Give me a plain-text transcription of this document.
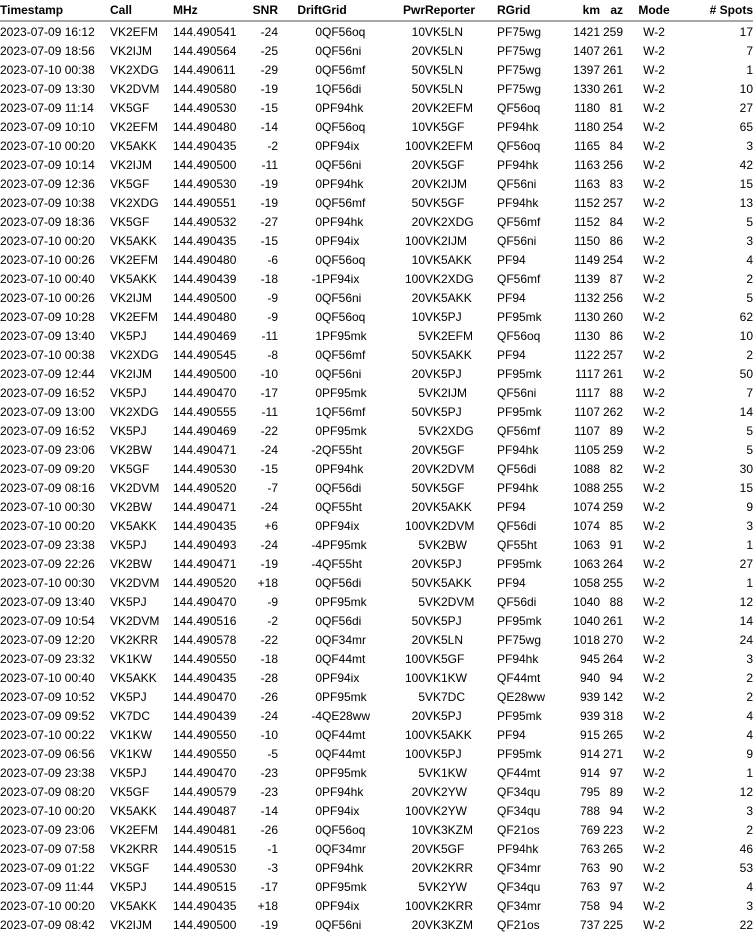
Timestamp	Call	MHz	SNR	Drift	Grid	Pwr	Reporter	RGrid	km	az	Mode	# Spots
2023-07-09 16:12	VK2EFM	144.490541	-24	0	QF56oq	10	VK5LN	PF75wg	1421	259	W-2	17
2023-07-09 18:56	VK2IJM	144.490564	-25	0	QF56ni	20	VK5LN	PF75wg	1407	261	W-2	7
2023-07-10 00:38	VK2XDG	144.490611	-29	0	QF56mf	50	VK5LN	PF75wg	1397	261	W-2	1
2023-07-09 13:30	VK2DVM	144.490580	-19	1	QF56di	50	VK5LN	PF75wg	1330	261	W-2	10
2023-07-09 11:14	VK5GF	144.490530	-15	0	PF94hk	20	VK2EFM	QF56oq	1180	81	W-2	27
2023-07-09 10:10	VK2EFM	144.490480	-14	0	QF56oq	10	VK5GF	PF94hk	1180	254	W-2	65
2023-07-10 00:20	VK5AKK	144.490435	-2	0	PF94ix	100	VK2EFM	QF56oq	1165	84	W-2	3
2023-07-09 10:14	VK2IJM	144.490500	-11	0	QF56ni	20	VK5GF	PF94hk	1163	256	W-2	42
2023-07-09 12:36	VK5GF	144.490530	-19	0	PF94hk	20	VK2IJM	QF56ni	1163	83	W-2	15
2023-07-09 10:38	VK2XDG	144.490551	-19	0	QF56mf	50	VK5GF	PF94hk	1152	257	W-2	13
2023-07-09 18:36	VK5GF	144.490532	-27	0	PF94hk	20	VK2XDG	QF56mf	1152	84	W-2	5
2023-07-10 00:20	VK5AKK	144.490435	-15	0	PF94ix	100	VK2IJM	QF56ni	1150	86	W-2	3
2023-07-10 00:26	VK2EFM	144.490480	-6	0	QF56oq	10	VK5AKK	PF94	1149	254	W-2	4
2023-07-10 00:40	VK5AKK	144.490439	-18	-1	PF94ix	100	VK2XDG	QF56mf	1139	87	W-2	2
2023-07-10 00:26	VK2IJM	144.490500	-9	0	QF56ni	20	VK5AKK	PF94	1132	256	W-2	5
2023-07-09 10:28	VK2EFM	144.490480	-9	0	QF56oq	10	VK5PJ	PF95mk	1130	260	W-2	62
2023-07-09 13:40	VK5PJ	144.490469	-11	1	PF95mk	5	VK2EFM	QF56oq	1130	86	W-2	10
2023-07-10 00:38	VK2XDG	144.490545	-8	0	QF56mf	50	VK5AKK	PF94	1122	257	W-2	2
2023-07-09 12:44	VK2IJM	144.490500	-10	0	QF56ni	20	VK5PJ	PF95mk	1117	261	W-2	50
2023-07-09 16:52	VK5PJ	144.490470	-17	0	PF95mk	5	VK2IJM	QF56ni	1117	88	W-2	7
2023-07-09 13:00	VK2XDG	144.490555	-11	1	QF56mf	50	VK5PJ	PF95mk	1107	262	W-2	14
2023-07-09 16:52	VK5PJ	144.490469	-22	0	PF95mk	5	VK2XDG	QF56mf	1107	89	W-2	5
2023-07-09 23:06	VK2BW	144.490471	-24	-2	QF55ht	20	VK5GF	PF94hk	1105	259	W-2	5
2023-07-09 09:20	VK5GF	144.490530	-15	0	PF94hk	20	VK2DVM	QF56di	1088	82	W-2	30
2023-07-09 08:16	VK2DVM	144.490520	-7	0	QF56di	50	VK5GF	PF94hk	1088	255	W-2	15
2023-07-10 00:30	VK2BW	144.490471	-24	0	QF55ht	20	VK5AKK	PF94	1074	259	W-2	9
2023-07-10 00:20	VK5AKK	144.490435	+6	0	PF94ix	100	VK2DVM	QF56di	1074	85	W-2	3
2023-07-09 23:38	VK5PJ	144.490493	-24	-4	PF95mk	5	VK2BW	QF55ht	1063	91	W-2	1
2023-07-09 22:26	VK2BW	144.490471	-19	-4	QF55ht	20	VK5PJ	PF95mk	1063	264	W-2	27
2023-07-10 00:30	VK2DVM	144.490520	+18	0	QF56di	50	VK5AKK	PF94	1058	255	W-2	1
2023-07-09 13:40	VK5PJ	144.490470	-9	0	PF95mk	5	VK2DVM	QF56di	1040	88	W-2	12
2023-07-09 10:54	VK2DVM	144.490516	-2	0	QF56di	50	VK5PJ	PF95mk	1040	261	W-2	14
2023-07-09 12:20	VK2KRR	144.490578	-22	0	QF34mr	20	VK5LN	PF75wg	1018	270	W-2	24
2023-07-09 23:32	VK1KW	144.490550	-18	0	QF44mt	100	VK5GF	PF94hk	945	264	W-2	3
2023-07-10 00:40	VK5AKK	144.490435	-28	0	PF94ix	100	VK1KW	QF44mt	940	94	W-2	2
2023-07-09 10:52	VK5PJ	144.490470	-26	0	PF95mk	5	VK7DC	QE28ww	939	142	W-2	2
2023-07-09 09:52	VK7DC	144.490439	-24	-4	QE28ww	20	VK5PJ	PF95mk	939	318	W-2	4
2023-07-10 00:22	VK1KW	144.490550	-10	0	QF44mt	100	VK5AKK	PF94	915	265	W-2	4
2023-07-09 06:56	VK1KW	144.490550	-5	0	QF44mt	100	VK5PJ	PF95mk	914	271	W-2	9
2023-07-09 23:38	VK5PJ	144.490470	-23	0	PF95mk	5	VK1KW	QF44mt	914	97	W-2	1
2023-07-09 08:20	VK5GF	144.490579	-23	0	PF94hk	20	VK2YW	QF34qu	795	89	W-2	12
2023-07-10 00:20	VK5AKK	144.490487	-14	0	PF94ix	100	VK2YW	QF34qu	788	94	W-2	3
2023-07-09 23:06	VK2EFM	144.490481	-26	0	QF56oq	10	VK3KZM	QF21os	769	223	W-2	2
2023-07-09 07:58	VK2KRR	144.490515	-1	0	QF34mr	20	VK5GF	PF94hk	763	265	W-2	46
2023-07-09 01:22	VK5GF	144.490530	-3	0	PF94hk	20	VK2KRR	QF34mr	763	90	W-2	53
2023-07-09 11:44	VK5PJ	144.490515	-17	0	PF95mk	5	VK2YW	QF34qu	763	97	W-2	4
2023-07-10 00:20	VK5AKK	144.490435	+18	0	PF94ix	100	VK2KRR	QF34mr	758	94	W-2	3
2023-07-09 08:42	VK2IJM	144.490500	-19	0	QF56ni	20	VK3KZM	QF21os	737	225	W-2	22
